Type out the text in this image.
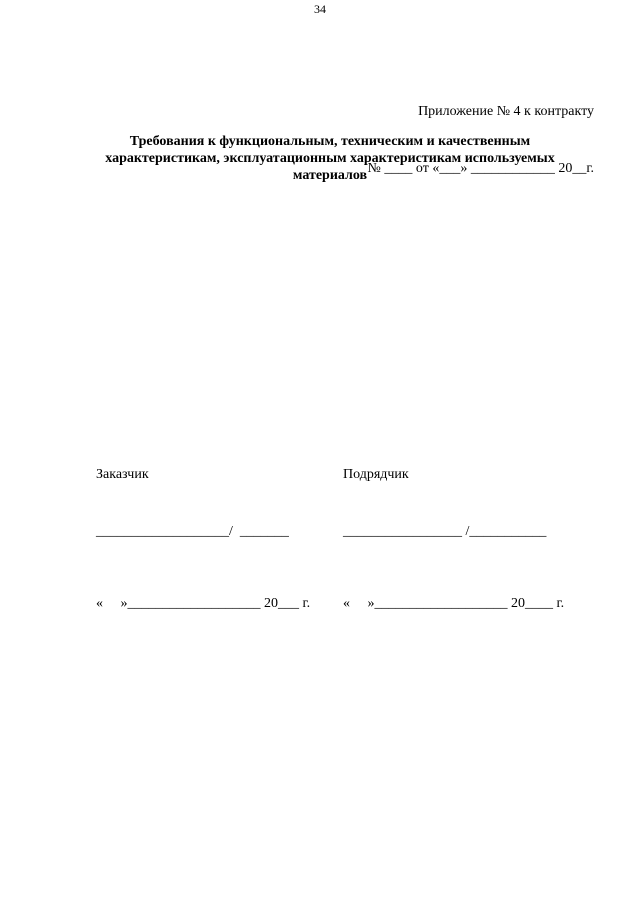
34

Приложение № 4 к контракту

№ ____ от «___» ____________ 20__г.

Требования к функциональным, техническим и качественным характеристикам, эксплуатационным характеристикам используемых материалов

Заказчик

___________________/  _______

«     »___________________ 20___ г.

Подрядчик

_________________ /___________

«     »___________________ 20____ г.
